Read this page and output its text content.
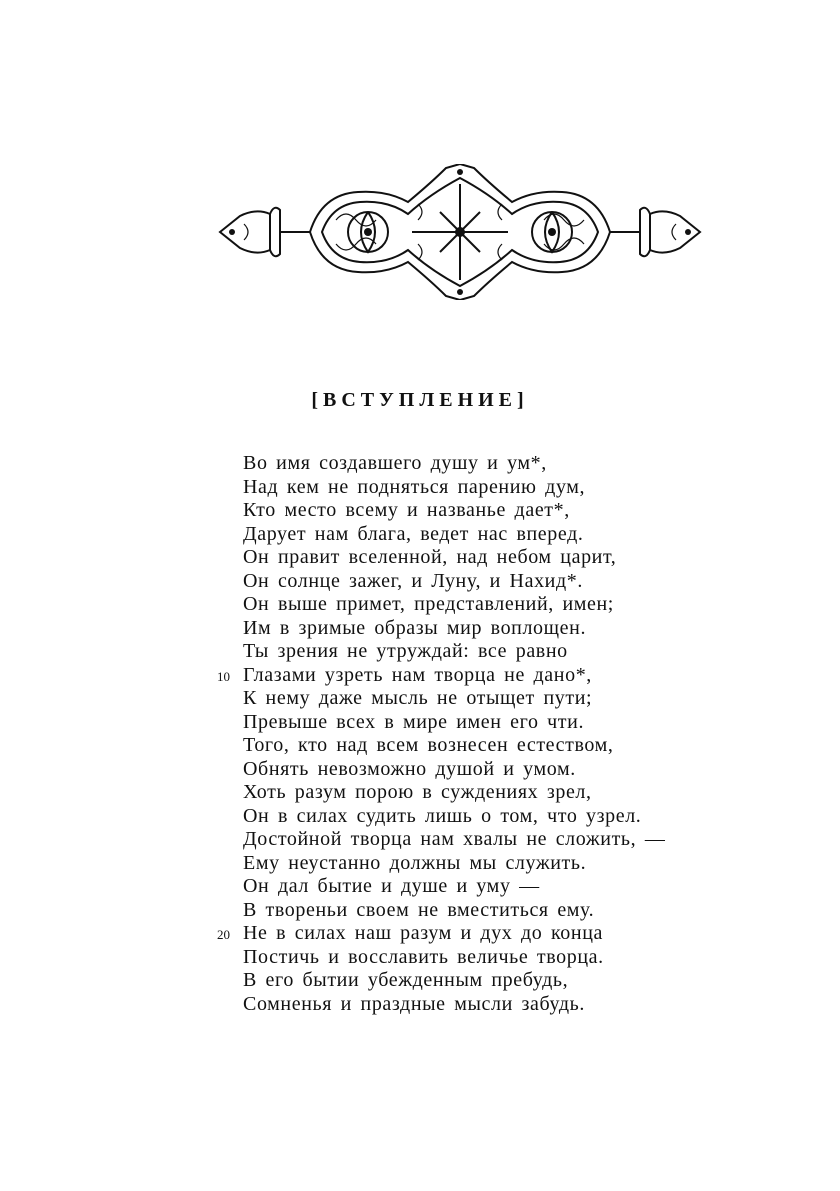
[ВСТУПЛЕНИЕ]
Во имя создавшего душу и ум*,
Над кем не подняться парению дум,
Кто место всему и названье дает*,
Дарует нам блага, ведет нас вперед.
Он правит вселенной, над небом царит,
Он солнце зажег, и Луну, и Нахид*.
Он выше примет, представлений, имен;
Им в зримые образы мир воплощен.
Ты зрения не утруждай: все равно
10 Глазами узреть нам творца не дано*,
К нему даже мысль не отыщет пути;
Превыше всех в мире имен его чти.
Того, кто над всем вознесен естеством,
Обнять невозможно душой и умом.
Хоть разум порою в суждениях зрел,
Он в силах судить лишь о том, что узрел.
Достойной творца нам хвалы не сложить, —
Ему неустанно должны мы служить.
Он дал бытие и душе и уму —
В твореньи своем не вместиться ему.
20 Не в силах наш разум и дух до конца
Постичь и восславить величье творца.
В его бытии убежденным пребудь,
Сомненья и праздные мысли забудь.
